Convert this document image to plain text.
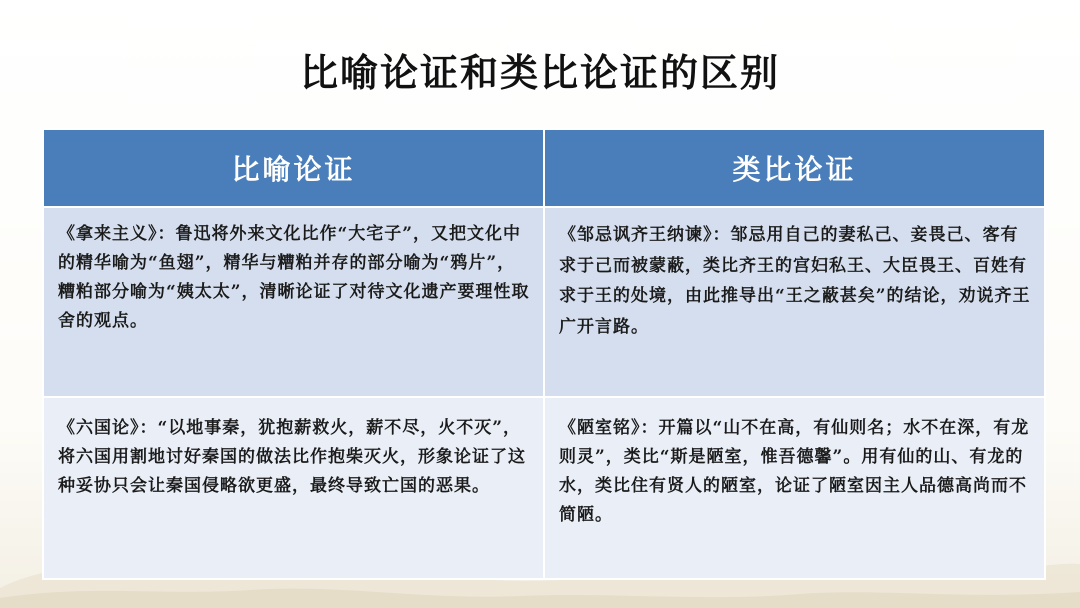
比喻论证和类比论证的区别
比喻论证	类比论证

《拿来主义》：鲁迅将外来文化比作“大宅子”，又把文化中的精华喻为“鱼翅”，精华与糟粕并存的部分喻为“鸦片”，糟粕部分喻为“姨太太”，清晰论证了对待文化遗产要理性取舍的观点。	《邹忌讽齐王纳谏》：邹忌用自己的妻私己、妾畏己、客有求于己而被蒙蔽，类比齐王的宫妇私王、大臣畏王、百姓有求于王的处境，由此推导出“王之蔽甚矣”的结论，劝说齐王广开言路。

《六国论》：“以地事秦，犹抱薪救火，薪不尽，火不灭”，将六国用割地讨好秦国的做法比作抱柴灭火，形象论证了这种妥协只会让秦国侵略欲更盛，最终导致亡国的恶果。	《陋室铭》：开篇以“山不在高，有仙则名；水不在深，有龙则灵”，类比“斯是陋室，惟吾德馨”。用有仙的山、有龙的水，类比住有贤人的陋室，论证了陋室因主人品德高尚而不简陋。
